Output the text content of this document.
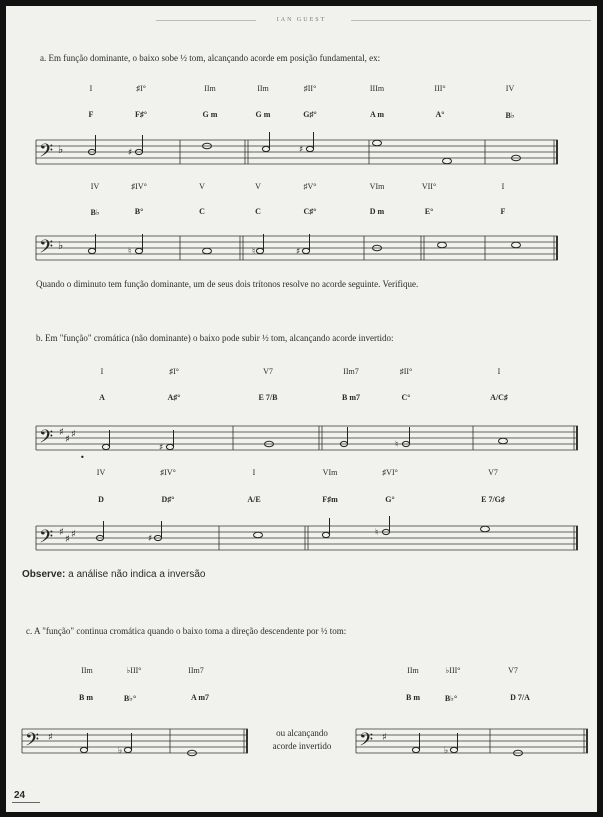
IAN GUEST
a. Em função dominante, o baixo sobe ½ tom, alcançando acorde em posição fundamental, ex:
I	♯I°	IIm	IIm	♯II°	IIIm	III°	IV
F	F♯°	G m	G m	G♯°	A m	A°	B♭
𝄢 ♭	♯	♯
IV	♯IV°	V	V	♯V°	VIm	VII°	I
B♭	B°	C	C	C♯°	D m	E°	F
𝄢 ♭	♮	♮	♯
Quando o diminuto tem função dominante, um de seus dois trítonos resolve no acorde seguinte. Verifique.
b. Em "função" cromática (não dominante) o baixo pode subir ½ tom, alcançando acorde invertido:
I	♯I°	V7	IIm7	♯II°	I
A	A♯°	E 7/B	B m7	C°	A/C♯
𝄢 ♯
♯ ♯
♯	♮
•
IV	♯IV°	I	VIm	♯VI°	V7
D	D♯°	A/E	F♯m	G°	E 7/G♯
𝄢 ♯
♯ ♯	♯
♮
Observe: a análise não indica a inversão
c. A "função" continua cromática quando o baixo toma a direção descendente por ½ tom:
IIm	♭III°	IIm7	IIm	♭III°	V7
B m	B♭°	A m7	B m	B♭°	D 7/A
𝄢 ♯
♭
ou alcançando
acorde invertido	𝄢 ♯
♭
24
